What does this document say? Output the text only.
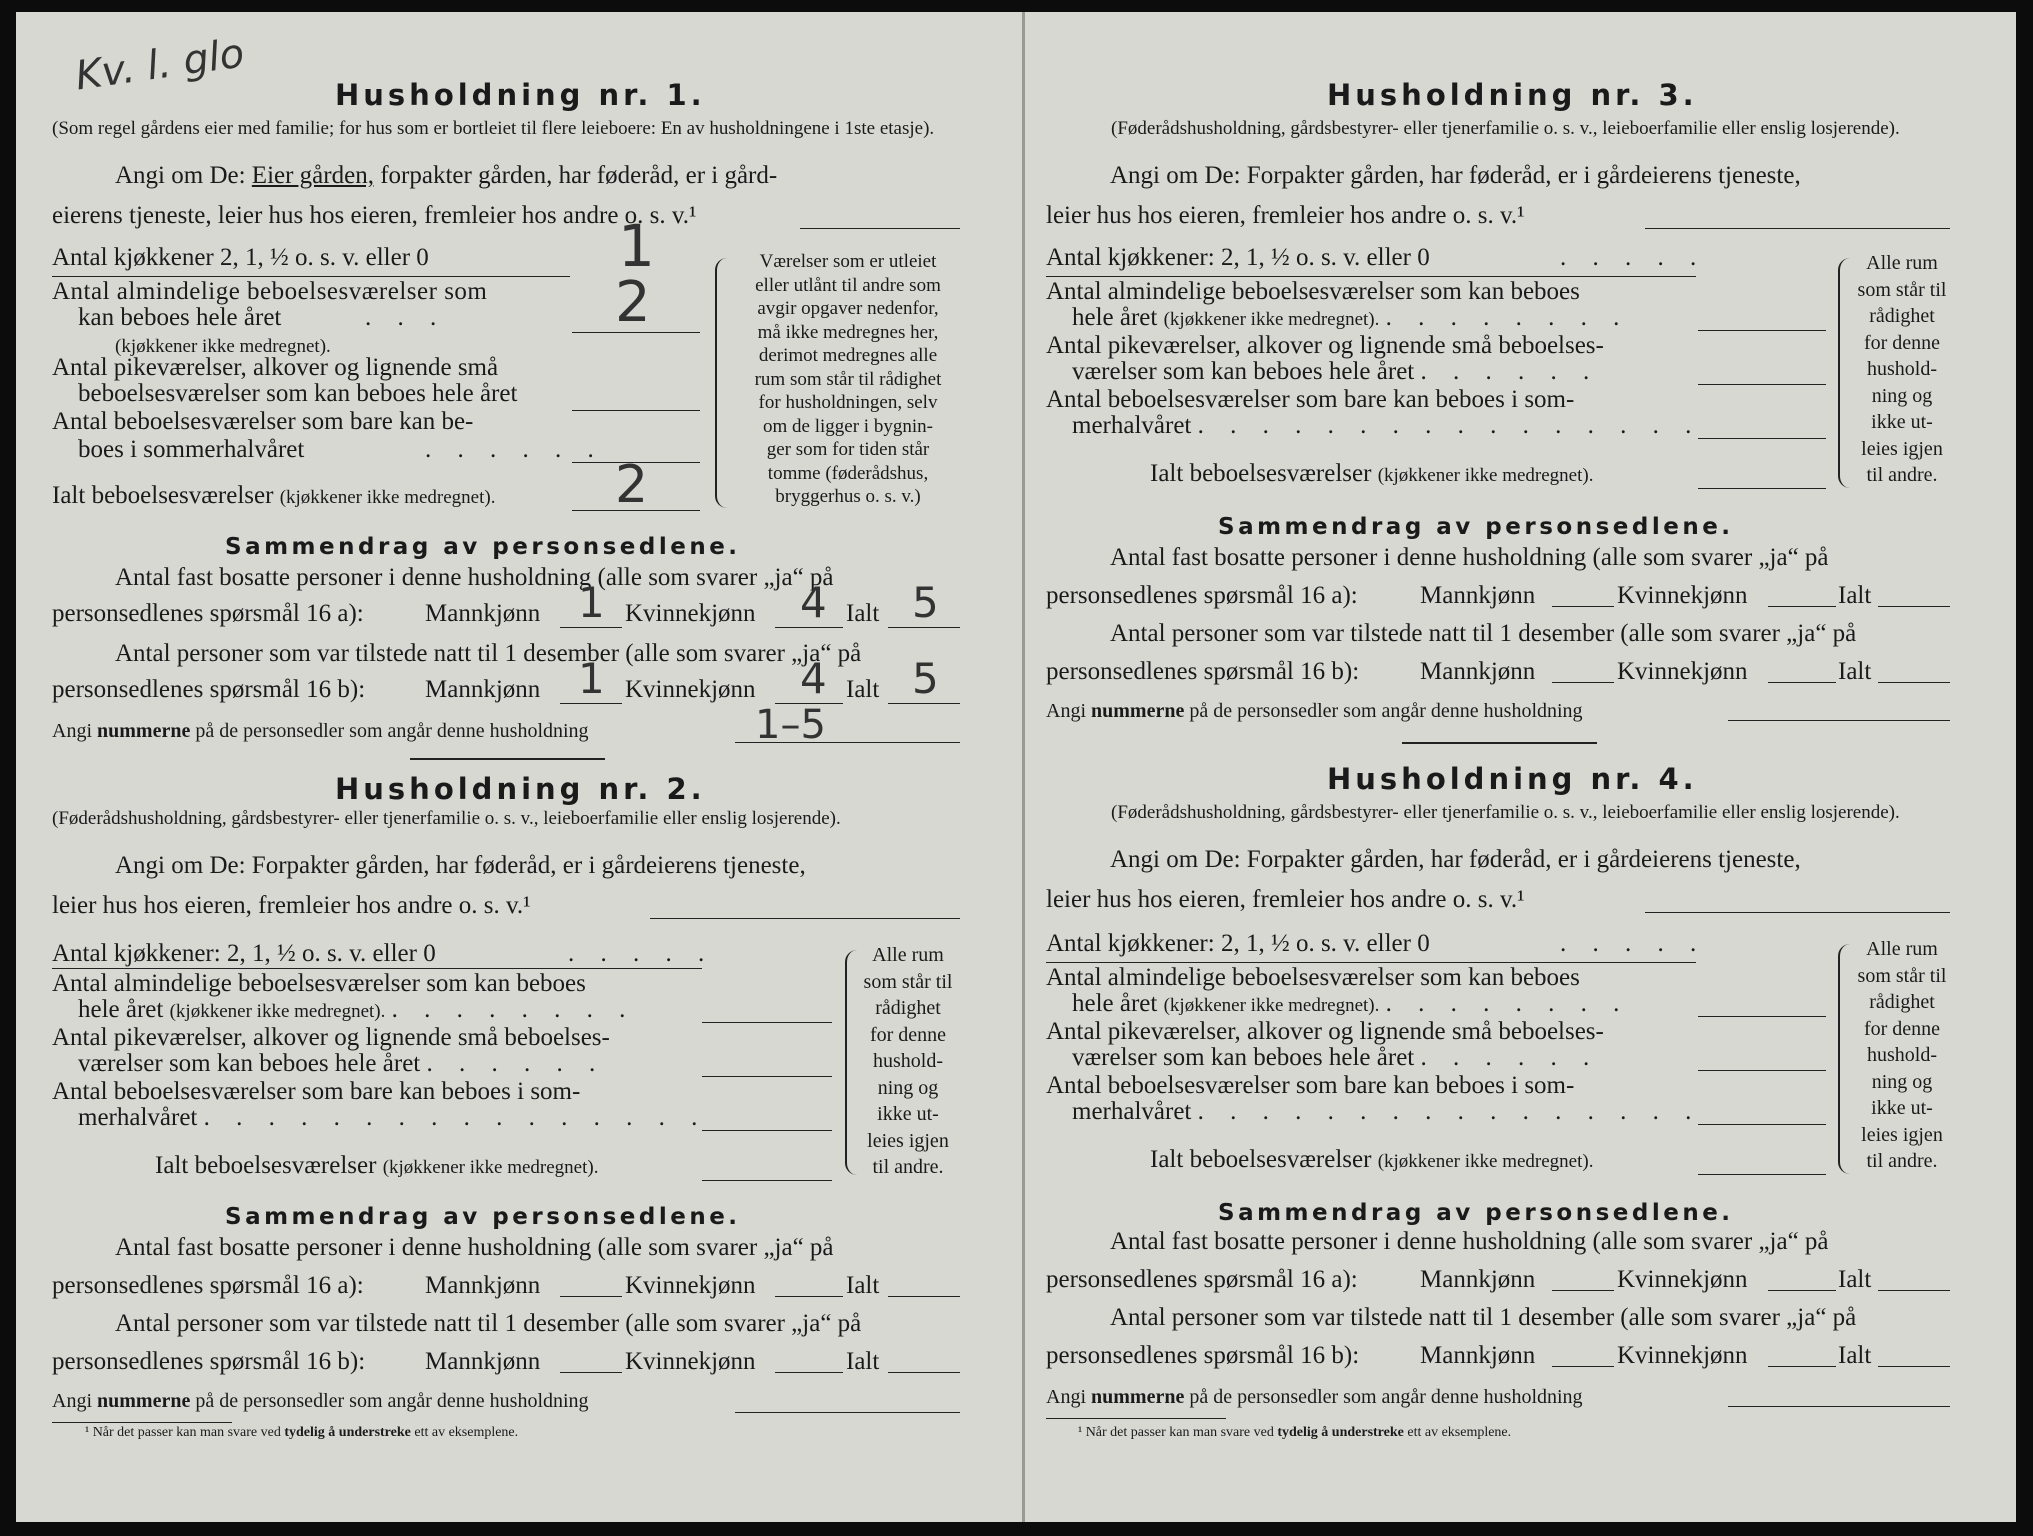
Kv. l. glo	Husholdning nr. 1.
(Som regel gårdens eier med familie; for hus som er bortleiet til flere leieboere: En av husholdningene i 1ste etasje).
Angi om De: Eier gården, forpakter gården, har føderåd, er i gård-
eierens tjeneste, leier hus hos eieren, fremleier hos andre o. s. v.¹
Antal kjøkkener 2, 1, ½ o. s. v. eller 0	1
Antal almindelige beboelsesværelser som
kan beboes hele året	. . .
(kjøkkener ikke medregnet).
2
Antal pikeværelser, alkover og lignende små
beboelsesværelser som kan beboes hele året
Antal beboelsesværelser som bare kan be-
boes i sommerhalvåret	. . . . . .
Ialt beboelsesværelser (kjøkkener ikke medregnet). 2
Værelser som er utleiet
eller utlånt til andre som
avgir opgaver nedenfor,
må ikke medregnes her,
derimot medregnes alle
rum som står til rådighet
for husholdningen, selv
om de ligger i bygnin-
ger som for tiden står
tomme (føderådshus,
bryggerhus o. s. v.)
Sammendrag av personsedlene.
Antal fast bosatte personer i denne husholdning (alle som svarer „ja“ på
personsedlenes spørsmål 16 a): Mannkjønn 1 Kvinnekjønn 4 Ialt 5
Antal personer som var tilstede natt til 1 desember (alle som svarer „ja“ på
personsedlenes spørsmål 16 b): Mannkjønn 1 Kvinnekjønn 4 Ialt 5
Angi nummerne på de personsedler som angår denne husholdning	1–5
Husholdning nr. 2.
(Føderådshusholdning, gårdsbestyrer- eller tjenerfamilie o. s. v., leieboerfamilie eller enslig losjerende).
Angi om De: Forpakter gården, har føderåd, er i gårdeierens tjeneste,
leier hus hos eieren, fremleier hos andre o. s. v.¹
Antal kjøkkener: 2, 1, ½ o. s. v. eller 0	. . . . .
Antal almindelige beboelsesværelser som kan beboes
hele året (kjøkkener ikke medregnet). . . . . . . . .
Antal pikeværelser, alkover og lignende små beboelses-
værelser som kan beboes hele året . . . . . .
Antal beboelsesværelser som bare kan beboes i som-
merhalvåret . . . . . . . . . . . . . . . .
Ialt beboelsesværelser (kjøkkener ikke medregnet).
Alle rum
som står til
rådighet
for denne
hushold-
ning og
ikke ut-
leies igjen
til andre.
Sammendrag av personsedlene.
Antal fast bosatte personer i denne husholdning (alle som svarer „ja“ på
personsedlenes spørsmål 16 a): Mannkjønn	Kvinnekjønn	Ialt
Antal personer som var tilstede natt til 1 desember (alle som svarer „ja“ på
personsedlenes spørsmål 16 b): Mannkjønn	Kvinnekjønn	Ialt
Angi nummerne på de personsedler som angår denne husholdning
¹ Når det passer kan man svare ved tydelig å understreke ett av eksemplene.
Husholdning nr. 3.
(Føderådshusholdning, gårdsbestyrer- eller tjenerfamilie o. s. v., leieboerfamilie eller enslig losjerende).
Angi om De: Forpakter gården, har føderåd, er i gårdeierens tjeneste,
leier hus hos eieren, fremleier hos andre o. s. v.¹
Antal kjøkkener: 2, 1, ½ o. s. v. eller 0	. . . . .
Antal almindelige beboelsesværelser som kan beboes
hele året (kjøkkener ikke medregnet). . . . . . . . .
Antal pikeværelser, alkover og lignende små beboelses-
værelser som kan beboes hele året . . . . . .
Antal beboelsesværelser som bare kan beboes i som-
merhalvåret . . . . . . . . . . . . . . . .
Ialt beboelsesværelser (kjøkkener ikke medregnet).
Alle rum
som står til
rådighet
for denne
hushold-
ning og
ikke ut-
leies igjen
til andre.
Sammendrag av personsedlene.
Antal fast bosatte personer i denne husholdning (alle som svarer „ja“ på
personsedlenes spørsmål 16 a): Mannkjønn	Kvinnekjønn	Ialt
Antal personer som var tilstede natt til 1 desember (alle som svarer „ja“ på
personsedlenes spørsmål 16 b): Mannkjønn	Kvinnekjønn	Ialt
Angi nummerne på de personsedler som angår denne husholdning
Husholdning nr. 4.
(Føderådshusholdning, gårdsbestyrer- eller tjenerfamilie o. s. v., leieboerfamilie eller enslig losjerende).
Angi om De: Forpakter gården, har føderåd, er i gårdeierens tjeneste,
leier hus hos eieren, fremleier hos andre o. s. v.¹
Antal kjøkkener: 2, 1, ½ o. s. v. eller 0	. . . . .
Antal almindelige beboelsesværelser som kan beboes
hele året (kjøkkener ikke medregnet). . . . . . . . .
Antal pikeværelser, alkover og lignende små beboelses-
værelser som kan beboes hele året . . . . . .
Antal beboelsesværelser som bare kan beboes i som-
merhalvåret . . . . . . . . . . . . . . . .
Ialt beboelsesværelser (kjøkkener ikke medregnet).
Alle rum
som står til
rådighet
for denne
hushold-
ning og
ikke ut-
leies igjen
til andre.
Sammendrag av personsedlene.
Antal fast bosatte personer i denne husholdning (alle som svarer „ja“ på
personsedlenes spørsmål 16 a): Mannkjønn	Kvinnekjønn	Ialt
Antal personer som var tilstede natt til 1 desember (alle som svarer „ja“ på
personsedlenes spørsmål 16 b): Mannkjønn	Kvinnekjønn	Ialt
Angi nummerne på de personsedler som angår denne husholdning
¹ Når det passer kan man svare ved tydelig å understreke ett av eksemplene.
